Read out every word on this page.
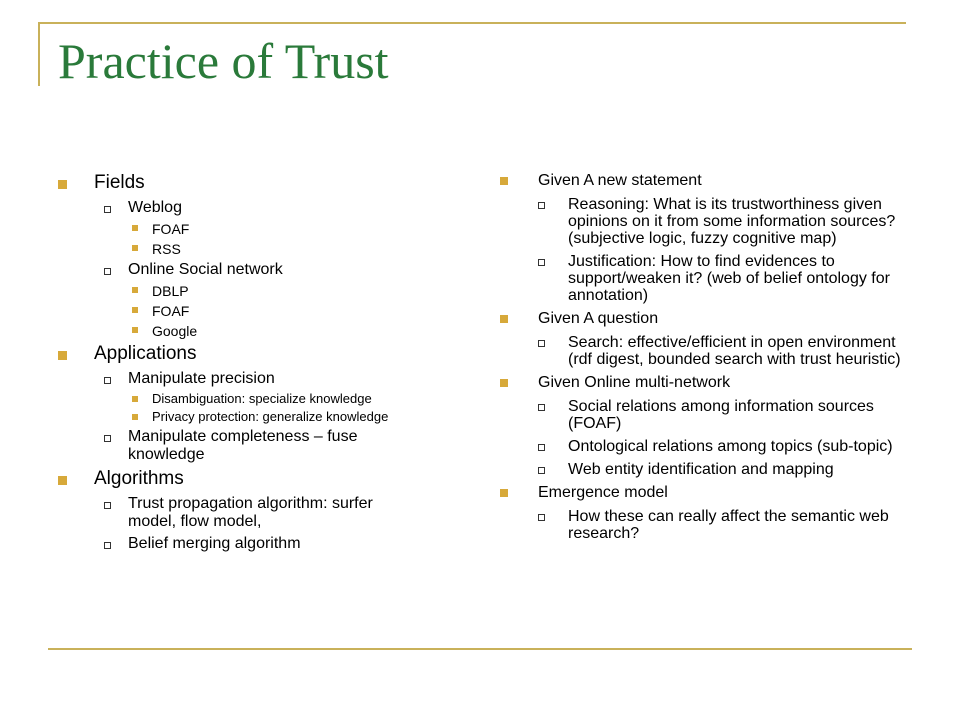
Practice of Trust
Fields
Weblog
FOAF
RSS
Online Social network
DBLP
FOAF
Google
Applications
Manipulate precision
Disambiguation: specialize knowledge
Privacy protection: generalize knowledge
Manipulate completeness – fuse knowledge
Algorithms
Trust propagation algorithm: surfer model, flow model,
Belief merging algorithm
Given A new statement
Reasoning: What is its trustworthiness given opinions on it from some information sources? (subjective logic, fuzzy cognitive map)
Justification: How to find evidences to support/weaken it? (web of belief ontology for annotation)
Given A question
Search: effective/efficient in open environment (rdf digest, bounded search with trust heuristic)
Given Online multi-network
Social relations among information sources (FOAF)
Ontological relations among topics (sub-topic)
Web entity identification and mapping
Emergence model
How these can really affect the semantic web research?
